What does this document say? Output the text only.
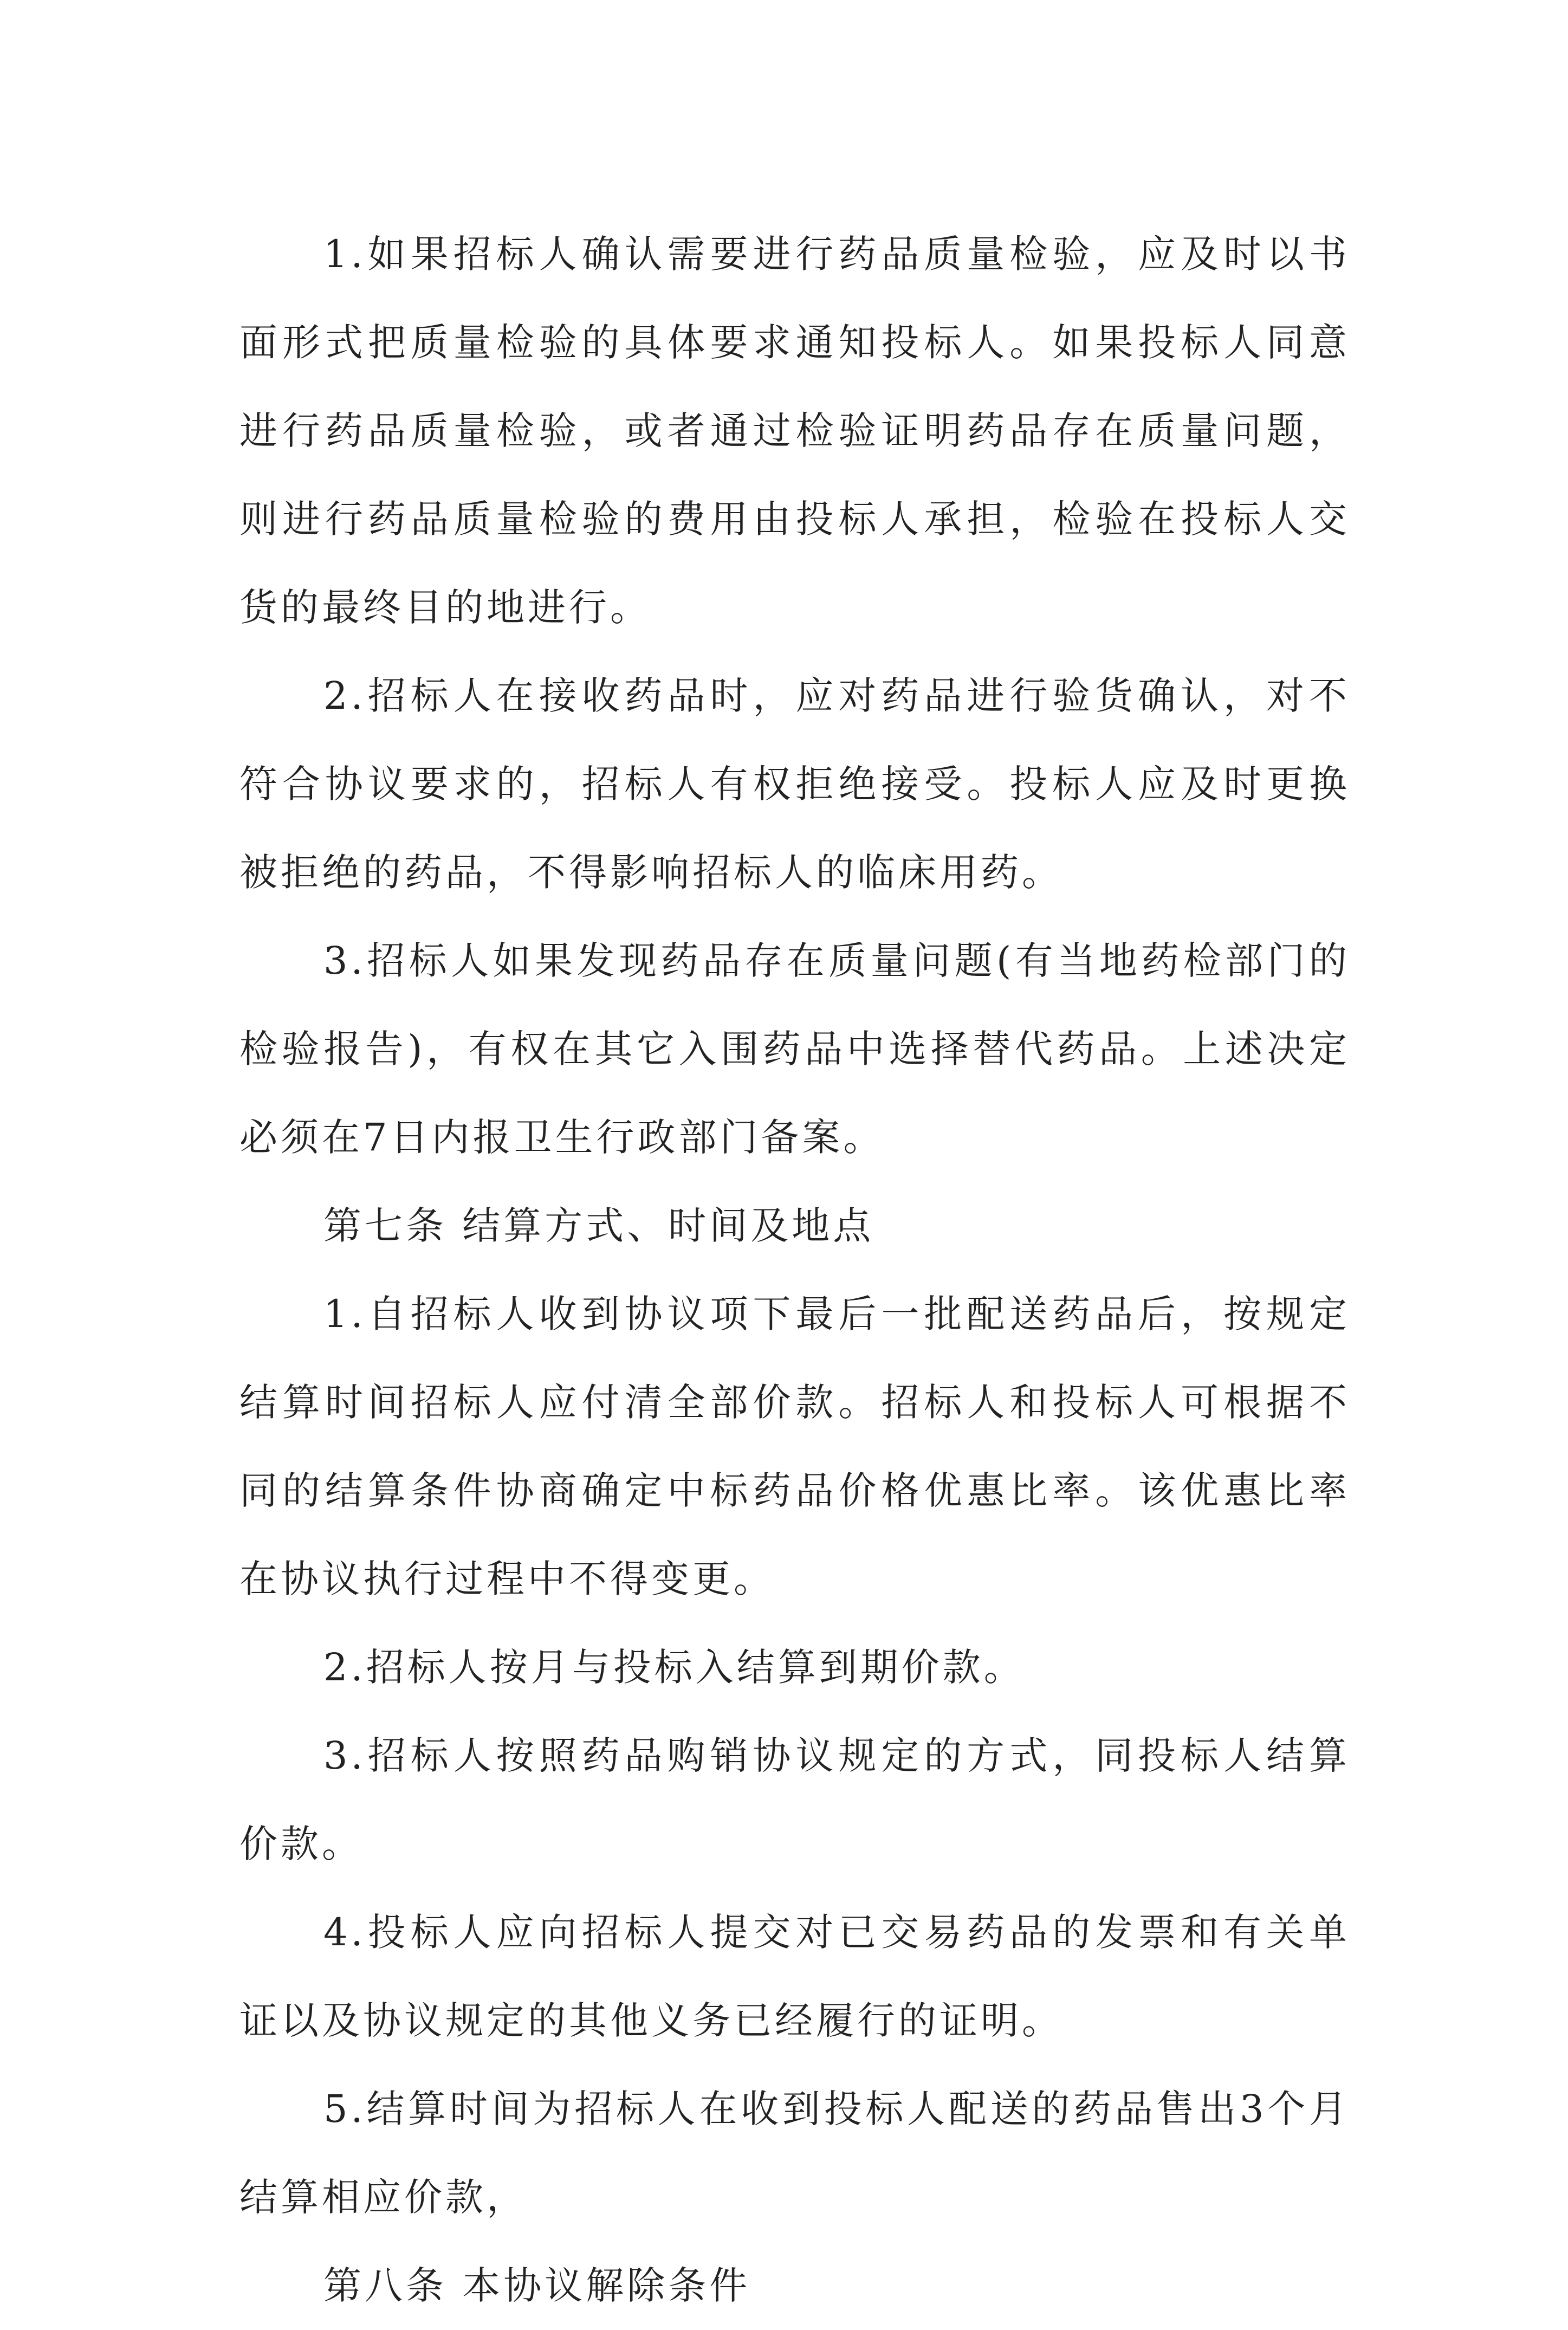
1.如果招标人确认需要进行药品质量检验，应及时以书面形式把质量检验的具体要求通知投标人。如果投标人同意进行药品质量检验，或者通过检验证明药品存在质量问题，则进行药品质量检验的费用由投标人承担，检验在投标人交货的最终目的地进行。

2.招标人在接收药品时，应对药品进行验货确认，对不符合协议要求的，招标人有权拒绝接受。投标人应及时更换被拒绝的药品，不得影响招标人的临床用药。

3.招标人如果发现药品存在质量问题(有当地药检部门的检验报告)，有权在其它入围药品中选择替代药品。上述决定必须在7日内报卫生行政部门备案。

第七条 结算方式、时间及地点

1.自招标人收到协议项下最后一批配送药品后，按规定结算时间招标人应付清全部价款。招标人和投标人可根据不同的结算条件协商确定中标药品价格优惠比率。该优惠比率在协议执行过程中不得变更。

2.招标人按月与投标入结算到期价款。

3.招标人按照药品购销协议规定的方式，同投标人结算价款。

4.投标人应向招标人提交对已交易药品的发票和有关单证以及协议规定的其他义务已经履行的证明。

5.结算时间为招标人在收到投标人配送的药品售出3个月结算相应价款，

第八条 本协议解除条件
